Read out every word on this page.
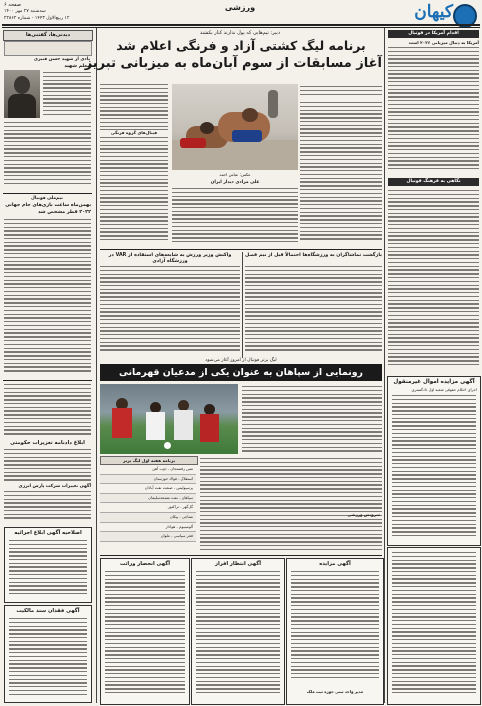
صفحه ۶
سه‌شنبه ۲۷ مهر ۱۴۰۰
۱۲ ربیع‌الاول ۱۴۴۳ - شماره ۲۲۸۶۲
ورزشی	کیهان
دیدنی‌ها، گفتنی‌ها
یادی از شهید حسن قنبری
معلم شهید
تیم‌ملی فوتبال
بهمن‌ماه ساعت بازی‌های جام جهانی ۲۰۲۲ قطر مشخص شد
ابلاغ دادنامه تعزیرات حکومتی
آگهی تغییرات شرکت پارس انرژی
اصلاحیه آگهی ابلاغ اجرائیه
آگهی فقدان سند مالکیت
اقدام آمریکا در فوتبال
آمریکا به دنبال میزبانی ۲۰۲۶ است
نگاهی به فرهنگ فوتبال
آگهی مزایده اموال غیرمنقول
اجرای احکام حقوقی شعبه اول دادگستری
دبیر: تیم‌هایی که پول ندارند کنار بکشند
برنامه لیگ کشتی آزاد و فرنگی اعلام شد
آغاز مسابقات از سوم آبان‌ماه به میزبانی تبریز
عکس: عباس احمد
علی مرادی دیدار ایران
فینال‌های گروه فرنگی
واکنش وزیر ورزش به شایعه‌های استفاده از VAR در ورزشگاه آزادی
بازگشت تماشاگران به ورزشگاه‌ها احتمالاً قبل از نیم فصل
لیگ برتر فوتبال از امروز آغاز می‌شود
رونمایی از سپاهان به عنوان یکی از مدعیان قهرمانی
برنامه هفته اول لیگ برتر
مس رفسنجان - ذوب آهن
استقلال - فولاد خوزستان
پرسپولیس - صنعت نفت آبادان
سپاهان - نفت مسجدسلیمان
گل‌گهر - تراکتور
نساجی - پیکان
آلومینیوم - هوادار
فجر سپاسی - ملوان
سرویس ورزشی
آگهی انحصار وراثت	آگهی انتظار افراز	آگهی مزایده
مدیر واحد ثبتی حوزه ثبت ملک
